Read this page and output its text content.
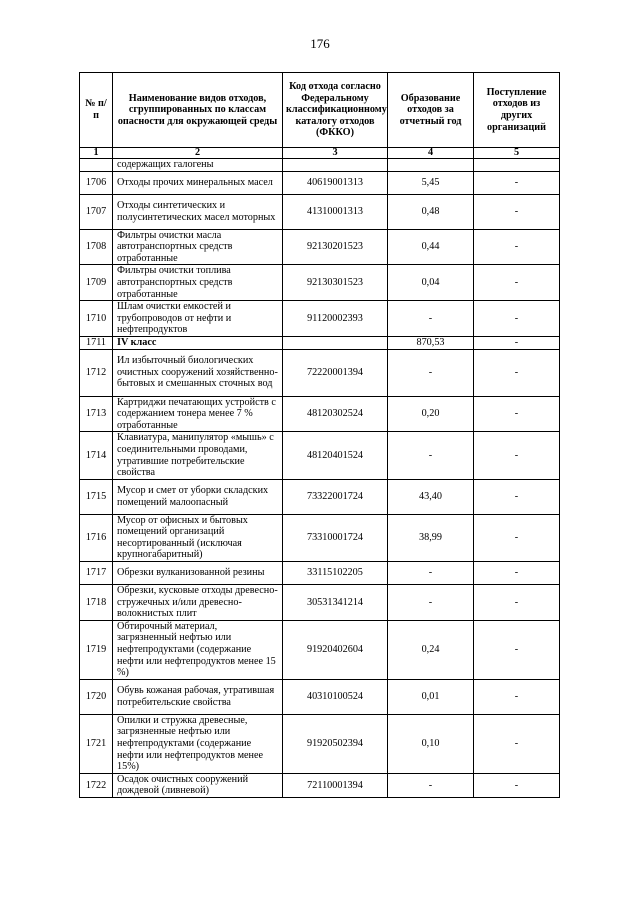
176
№ п/п	Наименование видов отходов, сгруппированных по классам опасности для окружающей среды	Код отхода согласно Федеральному классификационному каталогу отходов (ФККО)	Образование отходов за отчетный год	Поступление отходов из других организаций
1	2	3	4	5
	содержащих галогены			
1706	Отходы прочих минеральных масел	40619001313	5,45	-
1707	Отходы синтетических и полусинтетических масел моторных	41310001313	0,48	-
1708	Фильтры очистки масла автотранспортных средств отработанные	92130201523	0,44	-
1709	Фильтры очистки топлива автотранспортных средств отработанные	92130301523	0,04	-
1710	Шлам очистки емкостей и трубопроводов от нефти и нефтепродуктов	91120002393	-	-
1711	IV класс		870,53	-
1712	Ил избыточный биологических очистных сооружений хозяйственно-бытовых и смешанных сточных вод	72220001394	-	-
1713	Картриджи печатающих устройств с содержанием тонера менее 7 % отработанные	48120302524	0,20	-
1714	Клавиатура, манипулятор «мышь» с соединительными проводами, утратившие потребительские свойства	48120401524	-	-
1715	Мусор и смет от уборки складских помещений малоопасный	73322001724	43,40	-
1716	Мусор от офисных и бытовых помещений организаций несортированный (исключая крупногабаритный)	73310001724	38,99	-
1717	Обрезки вулканизованной резины	33115102205	-	-
1718	Обрезки, кусковые отходы древесно-стружечных и/или древесно-волокнистых плит	30531341214	-	-
1719	Обтирочный материал, загрязненный нефтью или нефтепродуктами (содержание нефти или нефтепродуктов менее 15 %)	91920402604	0,24	-
1720	Обувь кожаная рабочая, утратившая потребительские свойства	40310100524	0,01	-
1721	Опилки и стружка древесные, загрязненные нефтью или нефтепродуктами (содержание нефти или нефтепродуктов менее 15%)	91920502394	0,10	-
1722	Осадок очистных сооружений дождевой (ливневой)	72110001394	-	-
